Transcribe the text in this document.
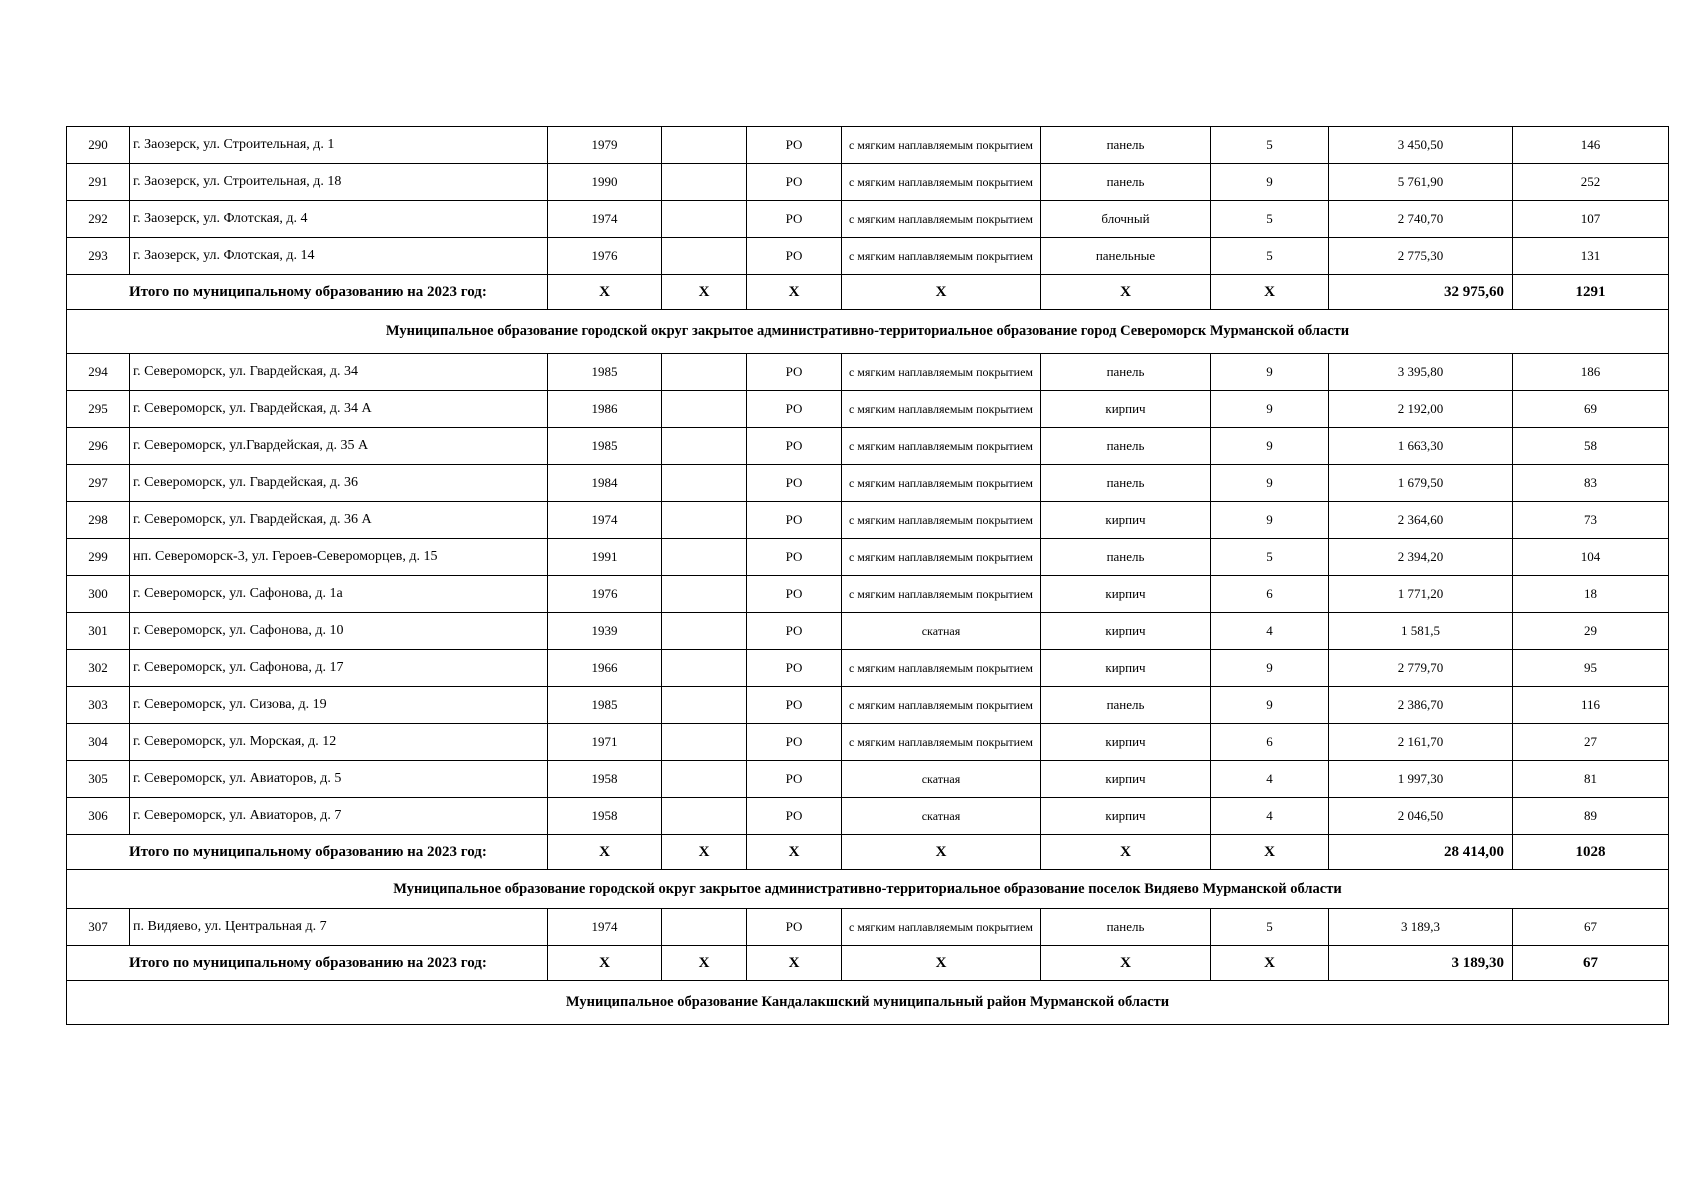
290	г. Заозерск, ул. Строительная, д. 1	1979		РО	с мягким наплавляемым покрытием	панель	5	3 450,50	146
291	г. Заозерск, ул. Строительная, д. 18	1990		РО	с мягким наплавляемым покрытием	панель	9	5 761,90	252
292	г. Заозерск, ул. Флотская, д. 4	1974		РО	с мягким наплавляемым покрытием	блочный	5	2 740,70	107
293	г. Заозерск, ул. Флотская, д. 14	1976		РО	с мягким наплавляемым покрытием	панельные	5	2 775,30	131
Итого по муниципальному образованию на 2023 год:		X	X	X	X	X	X	32 975,60	1291
Муниципальное образование городской округ закрытое административно-территориальное образование город Североморск Мурманской области									
294	г. Североморск, ул. Гвардейская, д. 34	1985		РО	с мягким наплавляемым покрытием	панель	9	3 395,80	186
295	г. Североморск, ул. Гвардейская, д. 34 А	1986		РО	с мягким наплавляемым покрытием	кирпич	9	2 192,00	69
296	г. Североморск, ул.Гвардейская, д. 35 А	1985		РО	с мягким наплавляемым покрытием	панель	9	1 663,30	58
297	г. Североморск, ул. Гвардейская, д. 36	1984		РО	с мягким наплавляемым покрытием	панель	9	1 679,50	83
298	г. Североморск, ул. Гвардейская, д. 36 А	1974		РО	с мягким наплавляемым покрытием	кирпич	9	2 364,60	73
299	нп. Североморск-3, ул. Героев-Североморцев, д. 15	1991		РО	с мягким наплавляемым покрытием	панель	5	2 394,20	104
300	г. Североморск, ул. Сафонова, д. 1а	1976		РО	с мягким наплавляемым покрытием	кирпич	6	1 771,20	18
301	г. Североморск, ул. Сафонова, д. 10	1939		РО	скатная	кирпич	4	1 581,5	29
302	г. Североморск, ул. Сафонова, д. 17	1966		РО	с мягким наплавляемым покрытием	кирпич	9	2 779,70	95
303	г. Североморск, ул. Сизова, д. 19	1985		РО	с мягким наплавляемым покрытием	панель	9	2 386,70	116
304	г. Североморск, ул. Морская, д. 12	1971		РО	с мягким наплавляемым покрытием	кирпич	6	2 161,70	27
305	г. Североморск, ул. Авиаторов, д. 5	1958		РО	скатная	кирпич	4	1 997,30	81
306	г. Североморск, ул. Авиаторов, д. 7	1958		РО	скатная	кирпич	4	2 046,50	89
Итого по муниципальному образованию на 2023 год:		X	X	X	X	X	X	28 414,00	1028
Муниципальное образование городской округ закрытое административно-территориальное образование поселок Видяево Мурманской области									
307	п. Видяево, ул. Центральная д. 7	1974		РО	с мягким наплавляемым покрытием	панель	5	3 189,3	67
Итого по муниципальному образованию на 2023 год:		X	X	X	X	X	X	3 189,30	67
Муниципальное образование Кандалакшский муниципальный район Мурманской области									
